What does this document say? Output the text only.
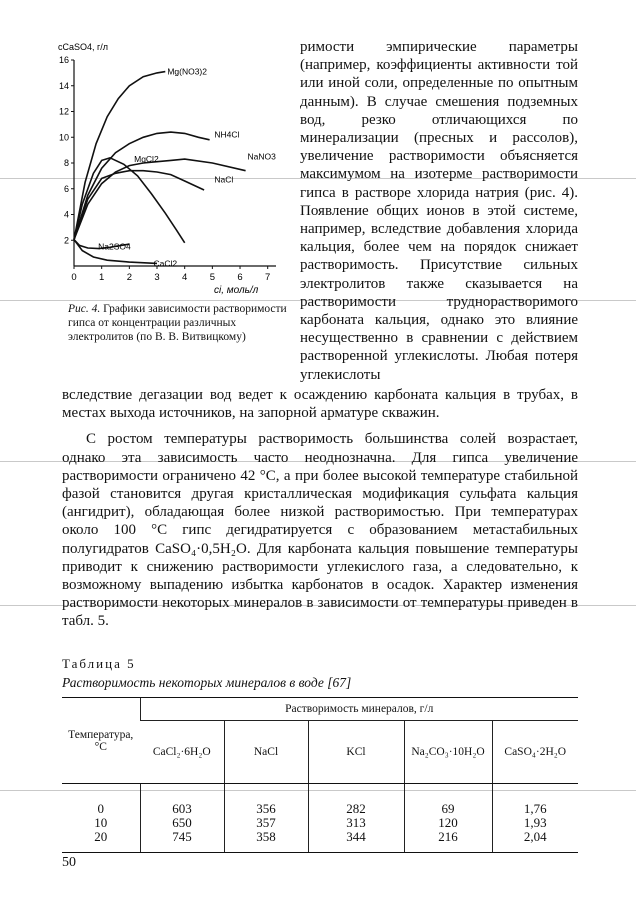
cCaSO4, г/л
ci, моль/л
2
4
6
8
10
12
14
16
0 1 2 3 4 5 6 7
Mg(NO3)2
NH4Cl
NaNO3
NaCl
MgCl2
Na2SO4
CaCl2
Рис. 4. Графики зависимости растворимости гипса от концентрации различных электролитов (по В. В. Витвицкому)

римости эмпирические параметры (например, коэффициенты активности той или иной соли, определенные по опытным данным). В случае смешения подземных вод, резко отличающихся по минерализации (пресных и рассолов), увеличение растворимости объясняется максимумом на изотерме растворимости гипса в растворе хлорида натрия (рис. 4). Появление общих ионов в этой системе, например, вследствие добавления хлорида кальция, более чем на порядок снижает растворимость. Присутствие сильных электролитов также сказывается на растворимости труднорастворимого карбоната кальция, однако это влияние несущественно в сравнении с действием растворенной углекислоты. Любая потеря углекислоты

вследствие дегазации вод ведет к осаждению карбоната кальция в трубах, в местах выхода источников, на запорной арматуре скважин.

С ростом температуры растворимость большинства солей возрастает, однако эта зависимость часто неоднозначна. Для гипса увеличение растворимости ограничено 42 °С, а при более высокой температуре стабильной фазой становится другая кристаллическая модификация сульфата кальция (ангидрит), обладающая более низкой растворимостью. При температурах около 100 °С гипс дегидратируется с образованием метастабильных полугидратов CaSO₄·0,5H₂O. Для карбоната кальция повышение температуры приводит к снижению растворимости углекислого газа, а следовательно, к возможному выпадению избытка карбонатов в осадок. Характер изменения растворимости некоторых минералов в зависимости от температуры приведен в табл. 5.

Таблица 5
Растворимость некоторых минералов в воде [67]
Температура, °С	Растворимость минералов, г/л				
	CaCl₂·6H₂O	NaCl	KCl	Na₂CO₃·10H₂O	CaSO₄·2H₂O
0	603	356	282	69	1,76
10	650	357	313	120	1,93
20	745	358	344	216	2,04
50
